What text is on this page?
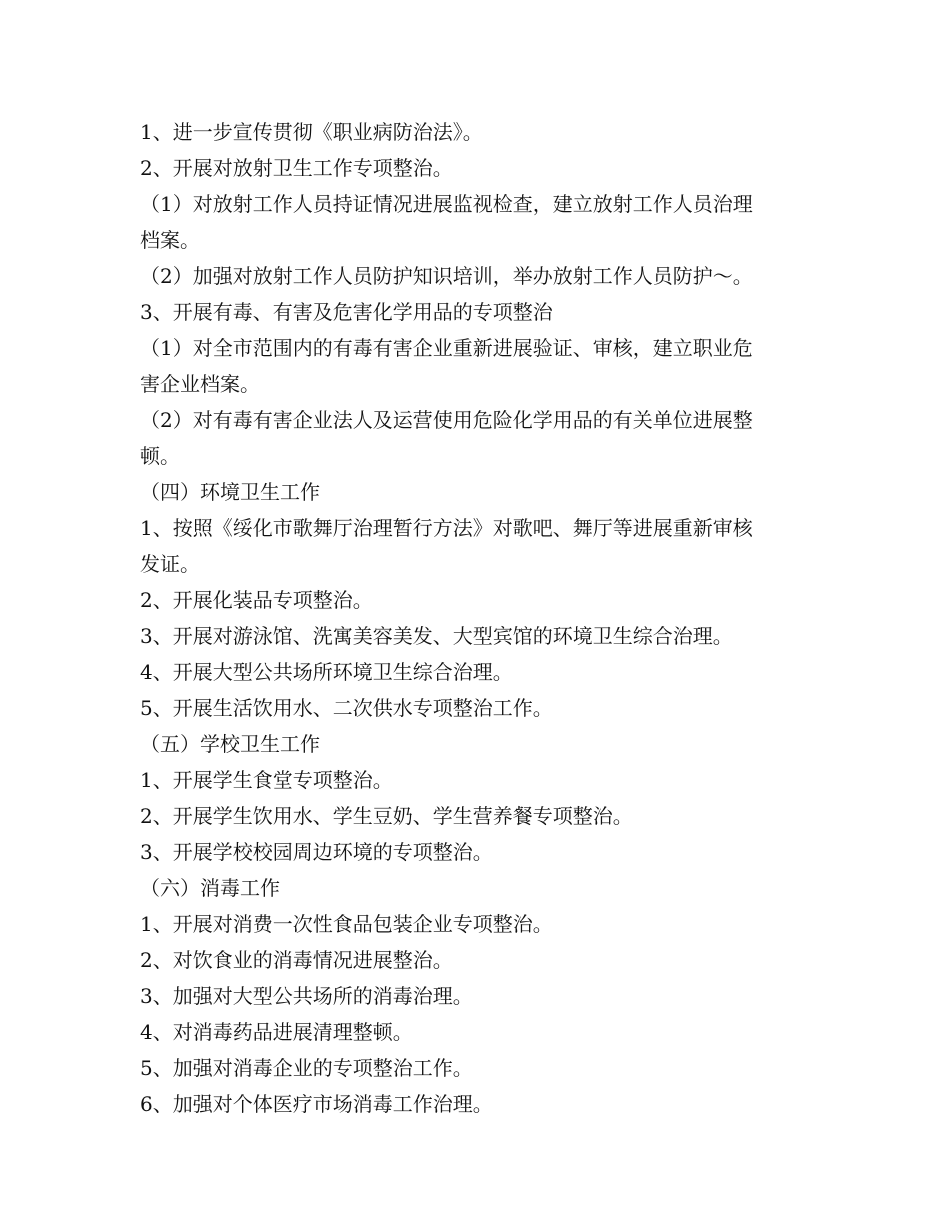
1、进一步宣传贯彻《职业病防治法》。

2、开展对放射卫生工作专项整治。

（1）对放射工作人员持证情况进展监视检查，建立放射工作人员治理

档案。

（2）加强对放射工作人员防护知识培训，举办放射工作人员防护～。

3、开展有毒、有害及危害化学用品的专项整治

（1）对全市范围内的有毒有害企业重新进展验证、审核，建立职业危

害企业档案。

（2）对有毒有害企业法人及运营使用危险化学用品的有关单位进展整

顿。

（四）环境卫生工作

1、按照《绥化市歌舞厅治理暂行方法》对歌吧、舞厅等进展重新审核

发证。

2、开展化装品专项整治。

3、开展对游泳馆、洗寓美容美发、大型宾馆的环境卫生综合治理。

4、开展大型公共场所环境卫生综合治理。

5、开展生活饮用水、二次供水专项整治工作。

（五）学校卫生工作

1、开展学生食堂专项整治。

2、开展学生饮用水、学生豆奶、学生营养餐专项整治。

3、开展学校校园周边环境的专项整治。

（六）消毒工作

1、开展对消费一次性食品包装企业专项整治。

2、对饮食业的消毒情况进展整治。

3、加强对大型公共场所的消毒治理。

4、对消毒药品进展清理整顿。

5、加强对消毒企业的专项整治工作。

6、加强对个体医疗市场消毒工作治理。
